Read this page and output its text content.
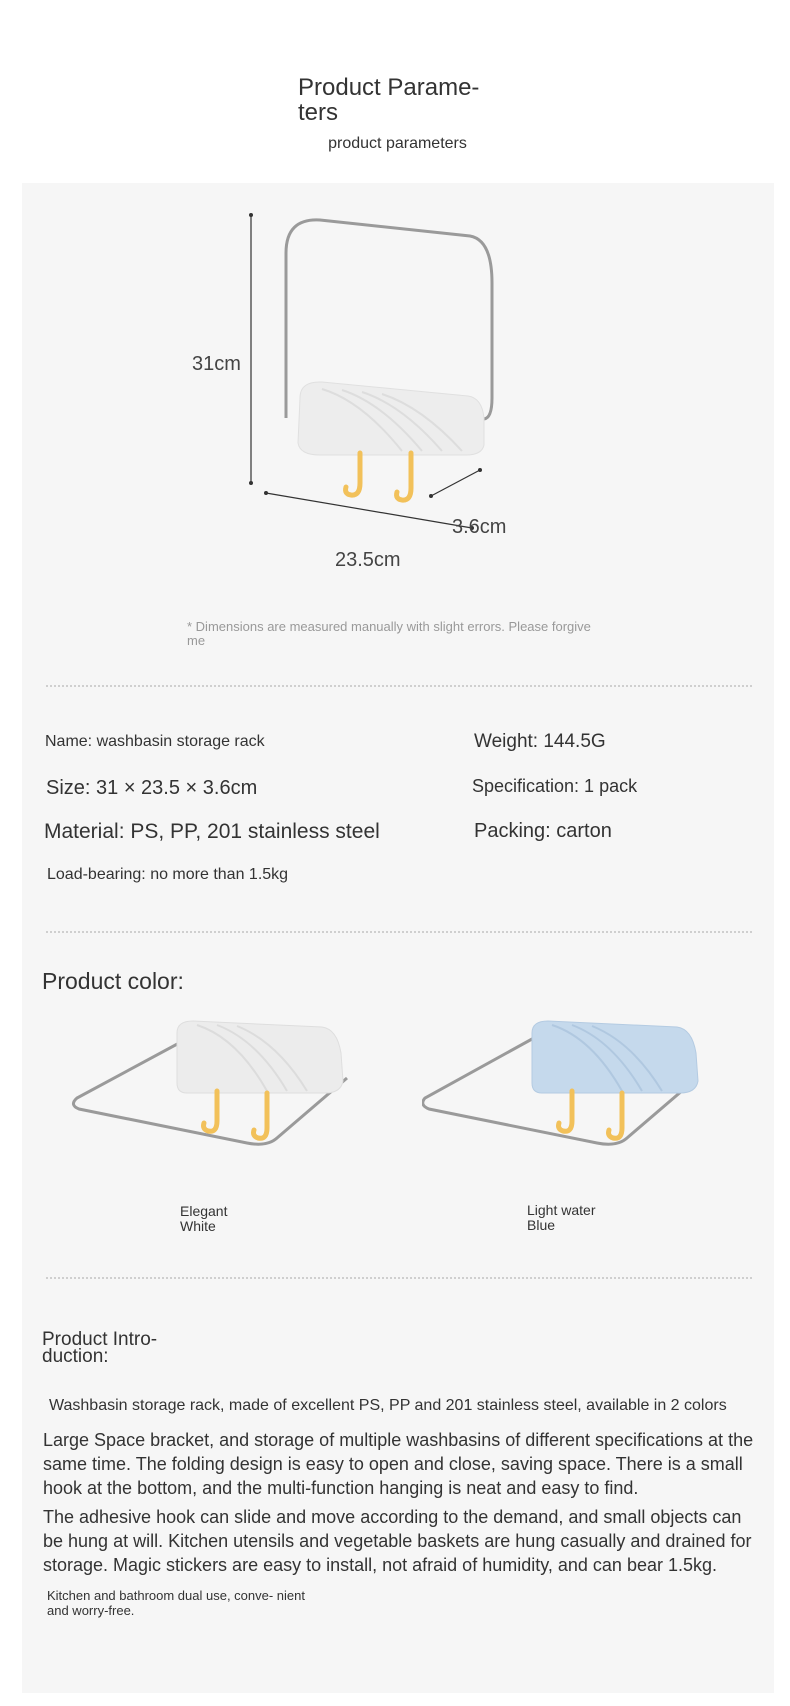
Product Parame- ters
product parameters
31cm
3.6cm
23.5cm
* Dimensions are measured manually with slight errors. Please forgive me
Name: washbasin storage rack	Weight: 144.5G
Size: 31 × 23.5 × 3.6cm	Specification: 1 pack
Material: PS, PP, 201 stainless steel	Packing: carton
Load-bearing: no more than 1.5kg
Product color:
Elegant White
Light water Blue
Product Intro- duction:
Washbasin storage rack, made of excellent PS, PP and 201 stainless steel, available in 2 colors
Large Space bracket, and storage of multiple washbasins of different specifications at the same time. The folding design is easy to open and close, saving space. There is a small hook at the bottom, and the multi-function hanging is neat and easy to find.
The adhesive hook can slide and move according to the demand, and small objects can be hung at will. Kitchen utensils and vegetable baskets are hung casually and drained for storage. Magic stickers are easy to install, not afraid of humidity, and can bear 1.5kg.
Kitchen and bathroom dual use, conve- nient and worry-free.
